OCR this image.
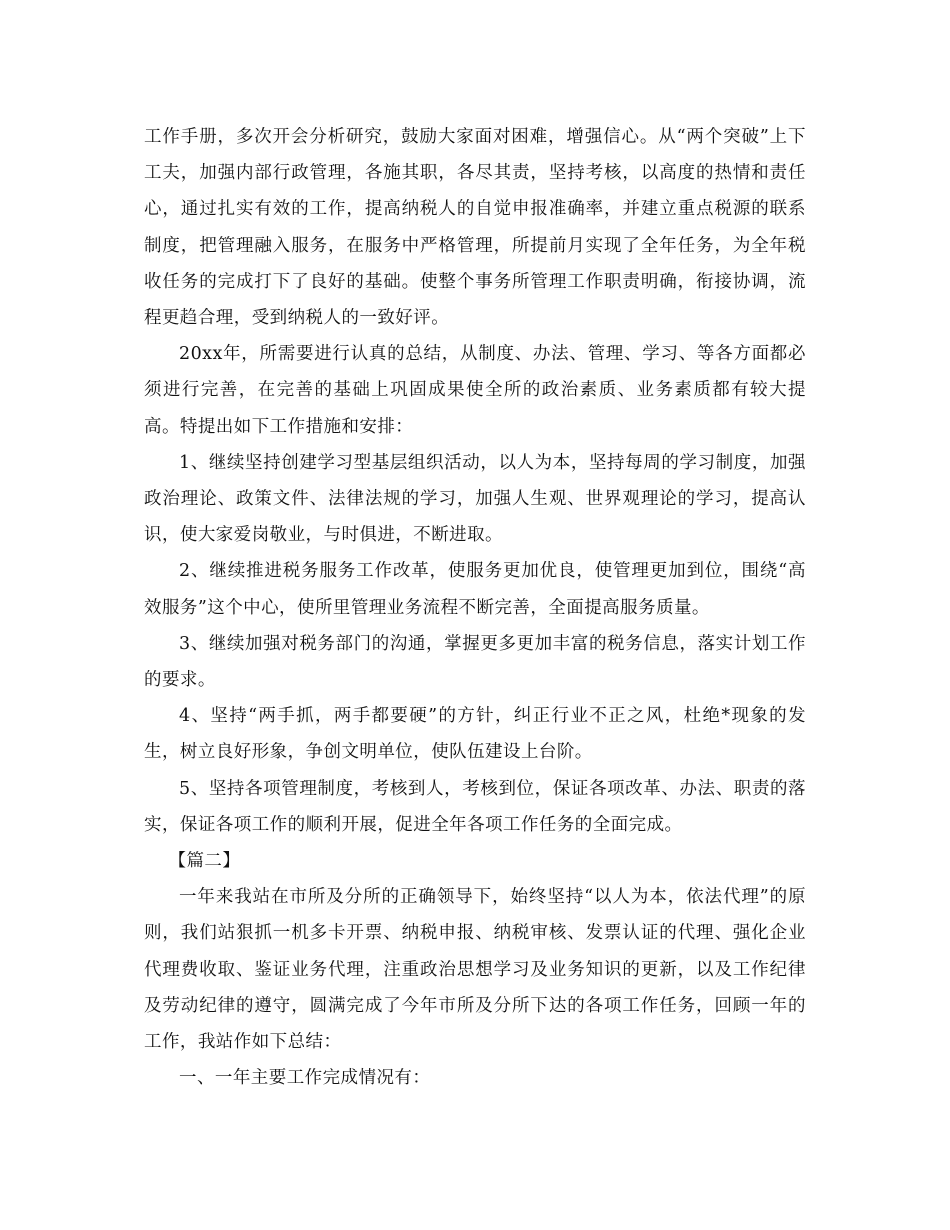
工作手册，多次开会分析研究，鼓励大家面对困难，增强信心。从“两个突破”上下工夫，加强内部行政管理，各施其职，各尽其责，坚持考核，以高度的热情和责任心，通过扎实有效的工作，提高纳税人的自觉申报准确率，并建立重点税源的联系制度，把管理融入服务，在服务中严格管理，所提前月实现了全年任务，为全年税收任务的完成打下了良好的基础。使整个事务所管理工作职责明确，衔接协调，流程更趋合理，受到纳税人的一致好评。

20xx年，所需要进行认真的总结，从制度、办法、管理、学习、等各方面都必须进行完善，在完善的基础上巩固成果使全所的政治素质、业务素质都有较大提高。特提出如下工作措施和安排：

1、继续坚持创建学习型基层组织活动，以人为本，坚持每周的学习制度，加强政治理论、政策文件、法律法规的学习，加强人生观、世界观理论的学习，提高认识，使大家爱岗敬业，与时俱进，不断进取。

2、继续推进税务服务工作改革，使服务更加优良，使管理更加到位，围绕“高效服务”这个中心，使所里管理业务流程不断完善，全面提高服务质量。

3、继续加强对税务部门的沟通，掌握更多更加丰富的税务信息，落实计划工作的要求。

4、坚持“两手抓，两手都要硬”的方针，纠正行业不正之风，杜绝*现象的发生，树立良好形象，争创文明单位，使队伍建设上台阶。

5、坚持各项管理制度，考核到人，考核到位，保证各项改革、办法、职责的落实，保证各项工作的顺利开展，促进全年各项工作任务的全面完成。

【篇二】

一年来我站在市所及分所的正确领导下，始终坚持“以人为本，依法代理”的原则，我们站狠抓一机多卡开票、纳税申报、纳税审核、发票认证的代理、强化企业代理费收取、鉴证业务代理，注重政治思想学习及业务知识的更新，以及工作纪律及劳动纪律的遵守，圆满完成了今年市所及分所下达的各项工作任务，回顾一年的工作，我站作如下总结：

一、一年主要工作完成情况有：
